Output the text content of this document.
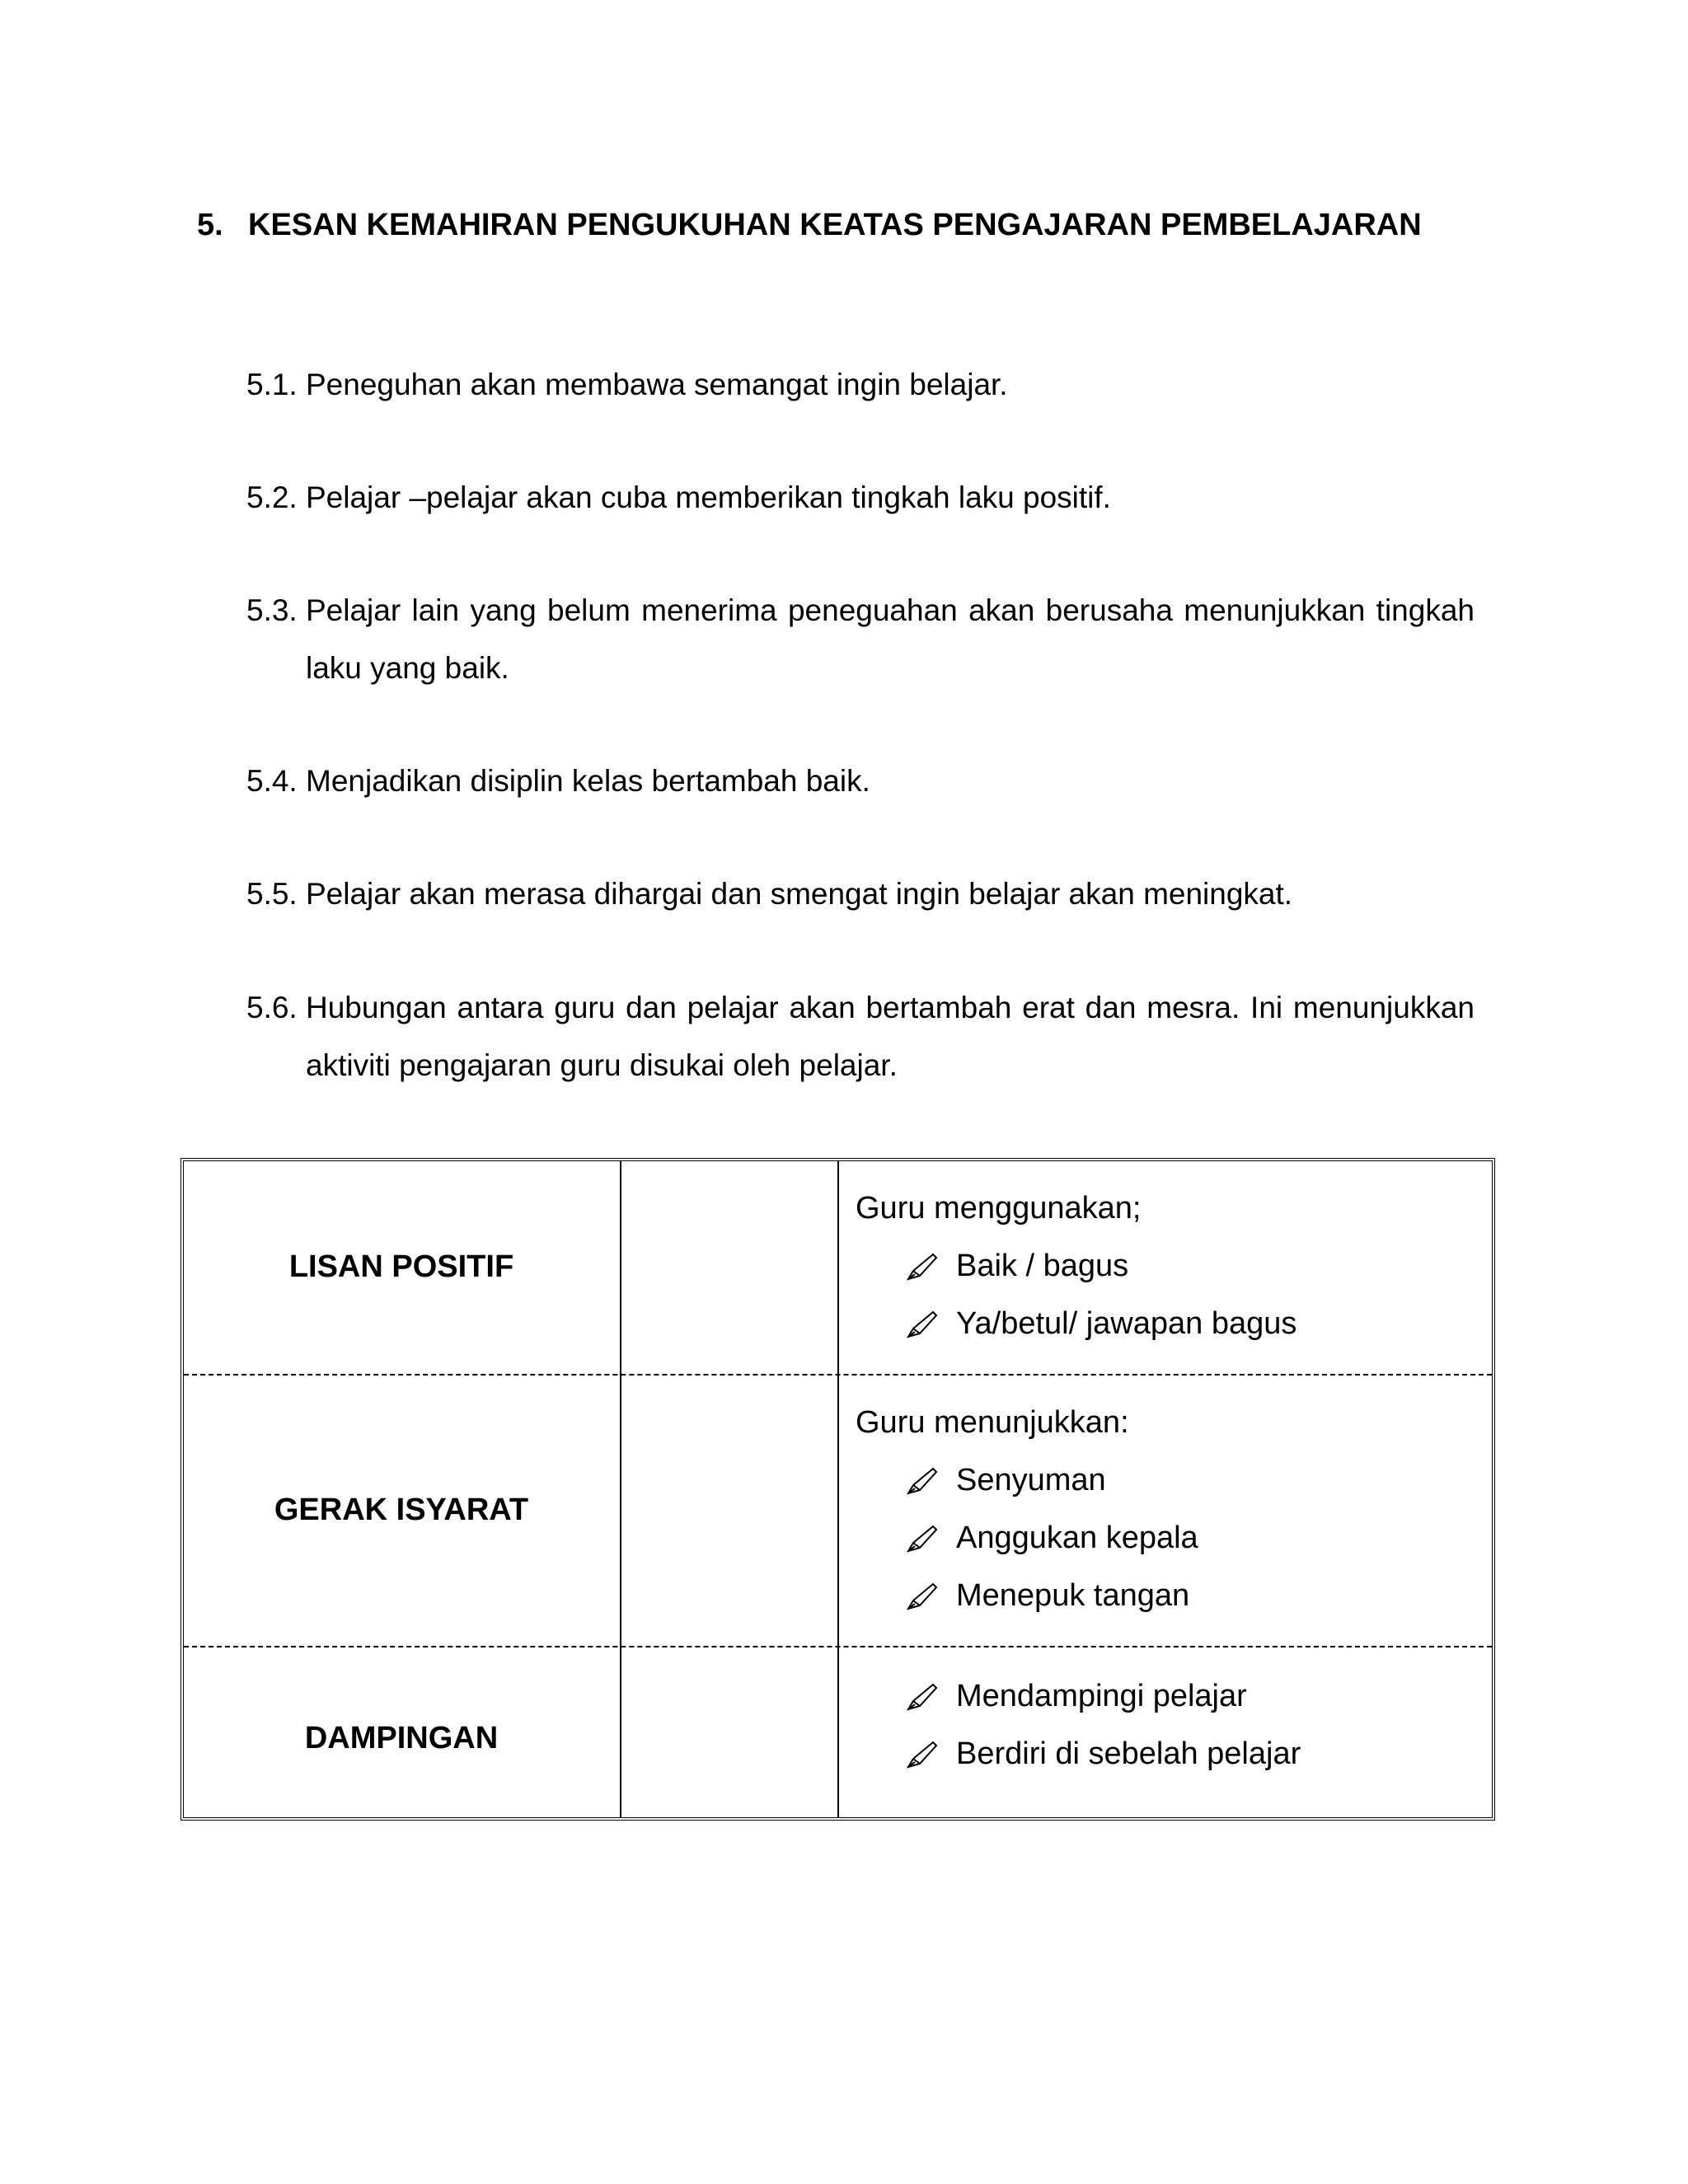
5. KESAN KEMAHIRAN PENGUKUHAN KEATAS PENGAJARAN PEMBELAJARAN
5.1. Peneguhan akan membawa semangat ingin belajar.
5.2. Pelajar –pelajar akan cuba memberikan tingkah laku positif.
5.3. Pelajar lain yang belum menerima peneguahan akan berusaha menunjukkan tingkah laku yang baik.
5.4. Menjadikan disiplin kelas bertambah baik.
5.5. Pelajar akan merasa dihargai dan smengat ingin belajar akan meningkat.
5.6. Hubungan antara guru dan pelajar akan bertambah erat dan mesra. Ini menunjukkan aktiviti pengajaran guru disukai oleh pelajar.
LISAN POSITIF
Guru menggunakan;
Baik / bagus
Ya/betul/ jawapan bagus
GERAK ISYARAT
Guru menunjukkan:
Senyuman
Anggukan kepala
Menepuk tangan
DAMPINGAN
Mendampingi pelajar
Berdiri di sebelah pelajar
